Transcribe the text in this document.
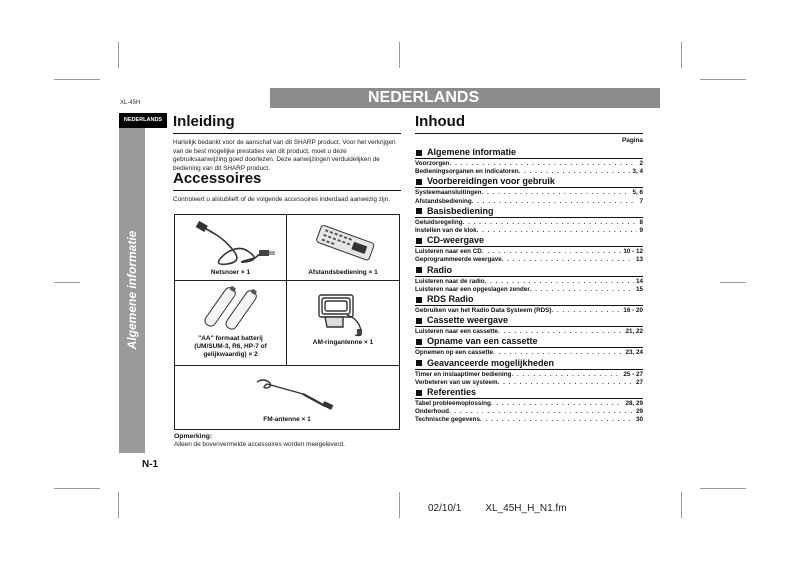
XL-45H	NEDERLANDS
NEDERLANDS
Algemene informatie
N-1
Inleiding
Hartelijk bedankt voor de aanschaf van dit SHARP product. Voor het verkrijgen van de best mogelijke prestaties van dit product, moet u deze gebruiksaanwijzing goed doorlezen. Deze aanwijzingen verduidelijken de bediening van dit SHARP product.
Accessoires
Controleert u alstublieft of de volgende accessoires inderdaad aanwezig zijn.
Netsnoer × 1	Afstandsbediening × 1
"AA" formaat batterij (UM/SUM-3, R6, HP-7 of gelijkwaardig) × 2
AM-ringantenne × 1
FM-antenne × 1
Opmerking:
Alleen de bovenvermelde accessoires worden meegeleverd.
Inhoud
Pagina
Algemene informatie
Voorzorgen . . .	2
Bedieningsorganen en indicatoren . . .	3, 4
Voorbereidingen voor gebruik
Systeemaansluitingen . . .	5, 6
Afstandsbediening . . .	7
Basisbediening
Geluidsregeling . . .	8
Instellen van de klok . . .	9
CD-weergave
Luisteren naar een CD . . .	10 - 12
Geprogrammeerde weergave . . .	13
Radio
Luisteren naar de radio . . .	14
Luisteren naar een opgeslagen zender . . .	15
RDS Radio
Gebruiken van het Radio Data Systeem (RDS) . . .	16 - 20
Cassette weergave
Luisteren naar een cassette . . .	21, 22
Opname van een cassette
Opnemen op een cassette . . .	23, 24
Geavanceerde mogelijkheden
Timer en inslaaptimer bediening . . .	25 - 27
Verbeteren van uw systeem . . .	27
Referenties
Tabel probleemoplossing . . .	28, 29
Onderhoud . . .	29
Technische gegevens . . .	30
02/10/1 XL_45H_H_N1.fm
